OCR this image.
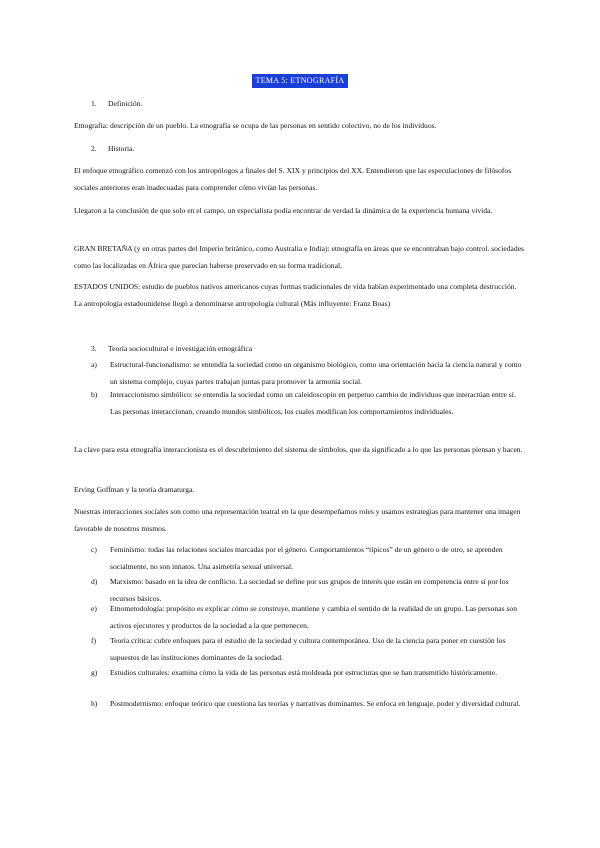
TEMA 5: ETNOGRAFÍA

1. Definición.

Etnografía: descripción de un pueblo. La etnografía se ocupa de las personas en sentido colectivo, no de los individuos.

2. Historia.

El enfoque etnográfico comenzó con los antropólogos a finales del S. XIX y principios del XX. Entendieron que las especulaciones de filósofos sociales anteriores eran inadecuadas para comprender cómo vivían las personas.

Llegaron a la conclusión de que solo en el campo, un especialista podía encontrar de verdad la dinámica de la experiencia humana vivida.

GRAN BRETAÑA (y en otras partes del Imperio británico, como Australia e India): etnografía en áreas que se encontraban bajo control. sociedades como las localizadas en África que parecían haberse preservado en su forma tradicional.

ESTADOS UNIDOS: estudio de pueblos nativos americanos cuyas formas tradicionales de vida habían experimentado una completa destrucción. La antropología estadounidense llegó a denominarse antropología cultural (Más influyente: Franz Boas)

3. Teoría sociocultural e investigación etnográfica

a) Estructural-funcionalismo: se entendía la sociedad como un organismo biológico, como una orientación hacia la ciencia natural y como un sistema complejo, cuyas partes trabajan juntas para promover la armonía social.
b) Interaccionismo simbólico: se entendía la sociedad como un caleidoscopio en perpetuo cambio de individuos que interactúan entre sí. Las personas interaccionan, creando mundos simbólicos, los cuales modifican los comportamientos individuales.

La clave para esta etnografía interaccionista es el descubrimiento del sistema de símbolos, que da significado a lo que las personas piensan y hacen.

Erving Goffman y la teoría dramaturga.

Nuestras interacciones sociales son como una representación teatral en la que desempeñamos roles y usamos estrategias para mantener una imagen favorable de nosotros mismos.

c) Feminismo: todas las relaciones sociales marcadas por el género. Comportamientos “típicos” de un género o de otro, se aprenden socialmente, no son innatos. Una asimetría sexual universal.
d) Marxismo: basado en la idea de conflicto. La sociedad se define por sus grupos de interés que están en competencia entre sí por los recursos básicos.
e) Etnometodología: propósito es explicar cómo se construye, mantiene y cambia el sentido de la realidad de un grupo. Las personas son activos ejecutores y productos de la sociedad a la que pertenecen.
f) Teoría crítica: cubre enfoques para el estudio de la sociedad y cultura contemporánea. Uso de la ciencia para poner en cuestión los supuestos de las instituciones dominantes de la sociedad.
g) Estudios culturales: examina cómo la vida de las personas está moldeada por estructuras que se han transmitido históricamente.
h) Postmodernismo: enfoque teórico que cuestiona las teorías y narrativas dominantes. Se enfoca en lenguaje, poder y diversidad cultural.
